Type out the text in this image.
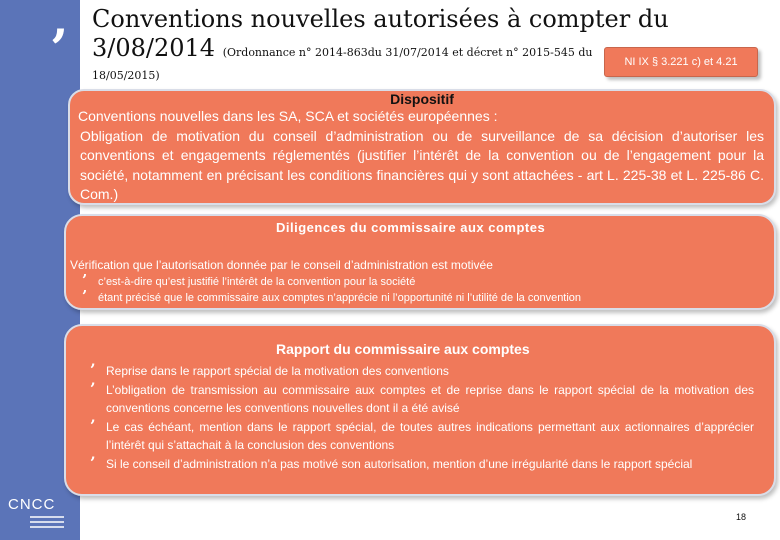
’
CNCC
Conventions nouvelles autorisées à compter du
3/08/2014 (Ordonnance n° 2014-863du 31/07/2014 et décret n° 2015-545 du
18/05/2015)
NI IX § 3.221 c) et 4.21
Dispositif
Conventions nouvelles dans les SA, SCA et sociétés européennes :
Obligation de motivation du conseil d’administration ou de surveillance de sa décision d’autoriser les conventions et engagements réglementés (justifier l’intérêt de la convention ou de l’engagement pour la société, notamment en précisant les conditions financières qui y sont attachées - art L. 225-38 et L. 225-86 C. Com.)
Diligences du commissaire aux comptes
Vérification que l’autorisation donnée par le conseil d’administration est motivée
’ c’est-à-dire qu’est justifié l’intérêt de la convention pour la société
’ étant précisé que le commissaire aux comptes n’apprécie ni l’opportunité ni l’utilité de la convention
Rapport du commissaire aux comptes
’ Reprise dans le rapport spécial de la motivation des conventions
’ L’obligation de transmission au commissaire aux comptes et de reprise dans le rapport spécial de la motivation des conventions concerne les conventions nouvelles dont il a été avisé
’ Le cas échéant, mention dans le rapport spécial, de toutes autres indications permettant aux actionnaires d’apprécier l’intérêt qui s’attachait à la conclusion des conventions
’ Si le conseil d’administration n’a pas motivé son autorisation, mention d’une irrégularité dans le rapport spécial
18
